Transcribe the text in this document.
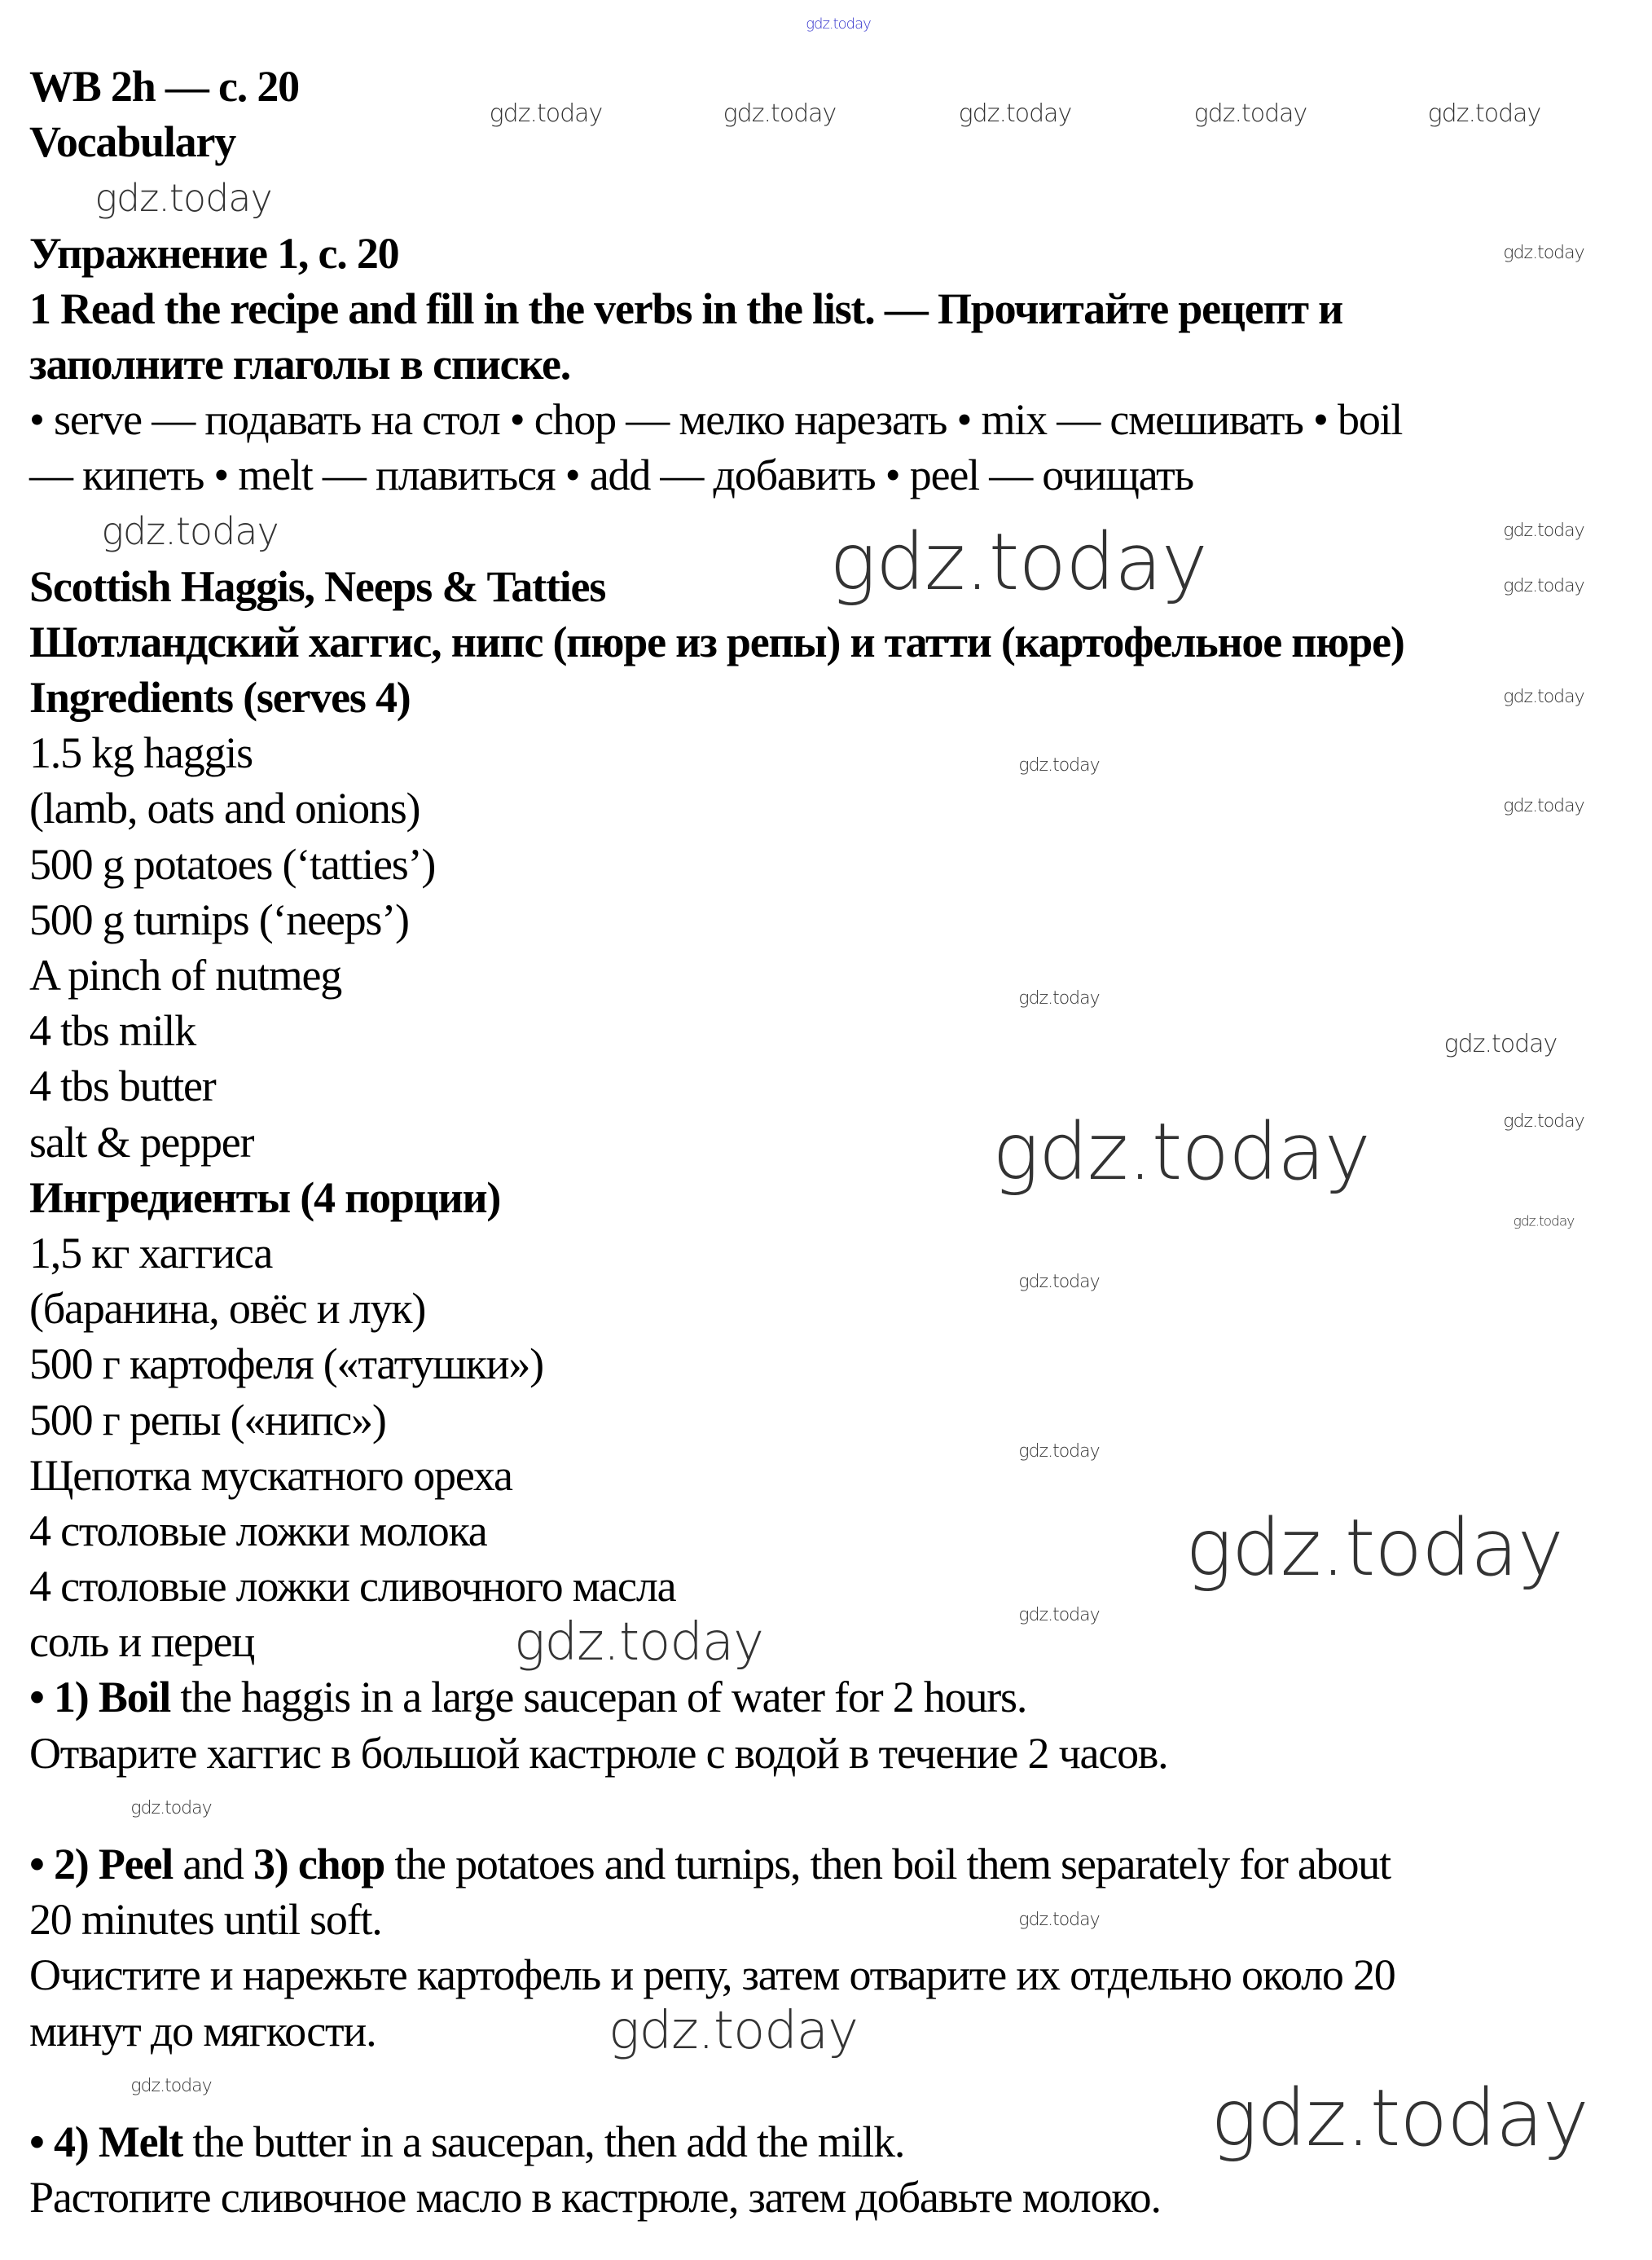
WB 2h — c. 20
Vocabulary
Упражнение 1, с. 20
1 Read the recipe and fill in the verbs in the list. — Прочитайте рецепт и
заполните глаголы в списке.
• serve — подавать на стол • chop — мелко нарезать • mix — смешивать • boil
— кипеть • melt — плавиться • add — добавить • peel — очищать
Scottish Haggis, Neeps & Tatties
Шотландский хаггис, нипс (пюре из репы) и татти (картофельное пюре)
Ingredients (serves 4)
1.5 kg haggis
(lamb, oats and onions)
500 g potatoes (‘tatties’)
500 g turnips (‘neeps’)
A pinch of nutmeg
4 tbs milk
4 tbs butter
salt & pepper
Ингредиенты (4 порции)
1,5 кг хаггиса
(баранина, овёс и лук)
500 г картофеля («татушки»)
500 г репы («нипс»)
Щепотка мускатного ореха
4 столовые ложки молока
4 столовые ложки сливочного масла
соль и перец
• 1) Boil the haggis in a large saucepan of water for 2 hours.
Отварите хаггис в большой кастрюле с водой в течение 2 часов.
• 2) Peel and 3) chop the potatoes and turnips, then boil them separately for about
20 minutes until soft.
Очистите и нарежьте картофель и репу, затем отварите их отдельно около 20
минут до мягкости.
• 4) Melt the butter in a saucepan, then add the milk.
Растопите сливочное масло в кастрюле, затем добавьте молоко.
gdz.today
gdz.today	gdz.today	gdz.today	gdz.today	gdz.today
gdz.today
gdz.today
gdz.today
gdz.today	gdz.today	gdz.today
gdz.today
gdz.today
gdz.today
gdz.today
gdz.today
gdz.today	gdz.today
gdz.today
gdz.today
gdz.today
gdz.today
gdz.today
gdz.today
gdz.today
gdz.today
gdz.today
gdz.today	gdz.today
